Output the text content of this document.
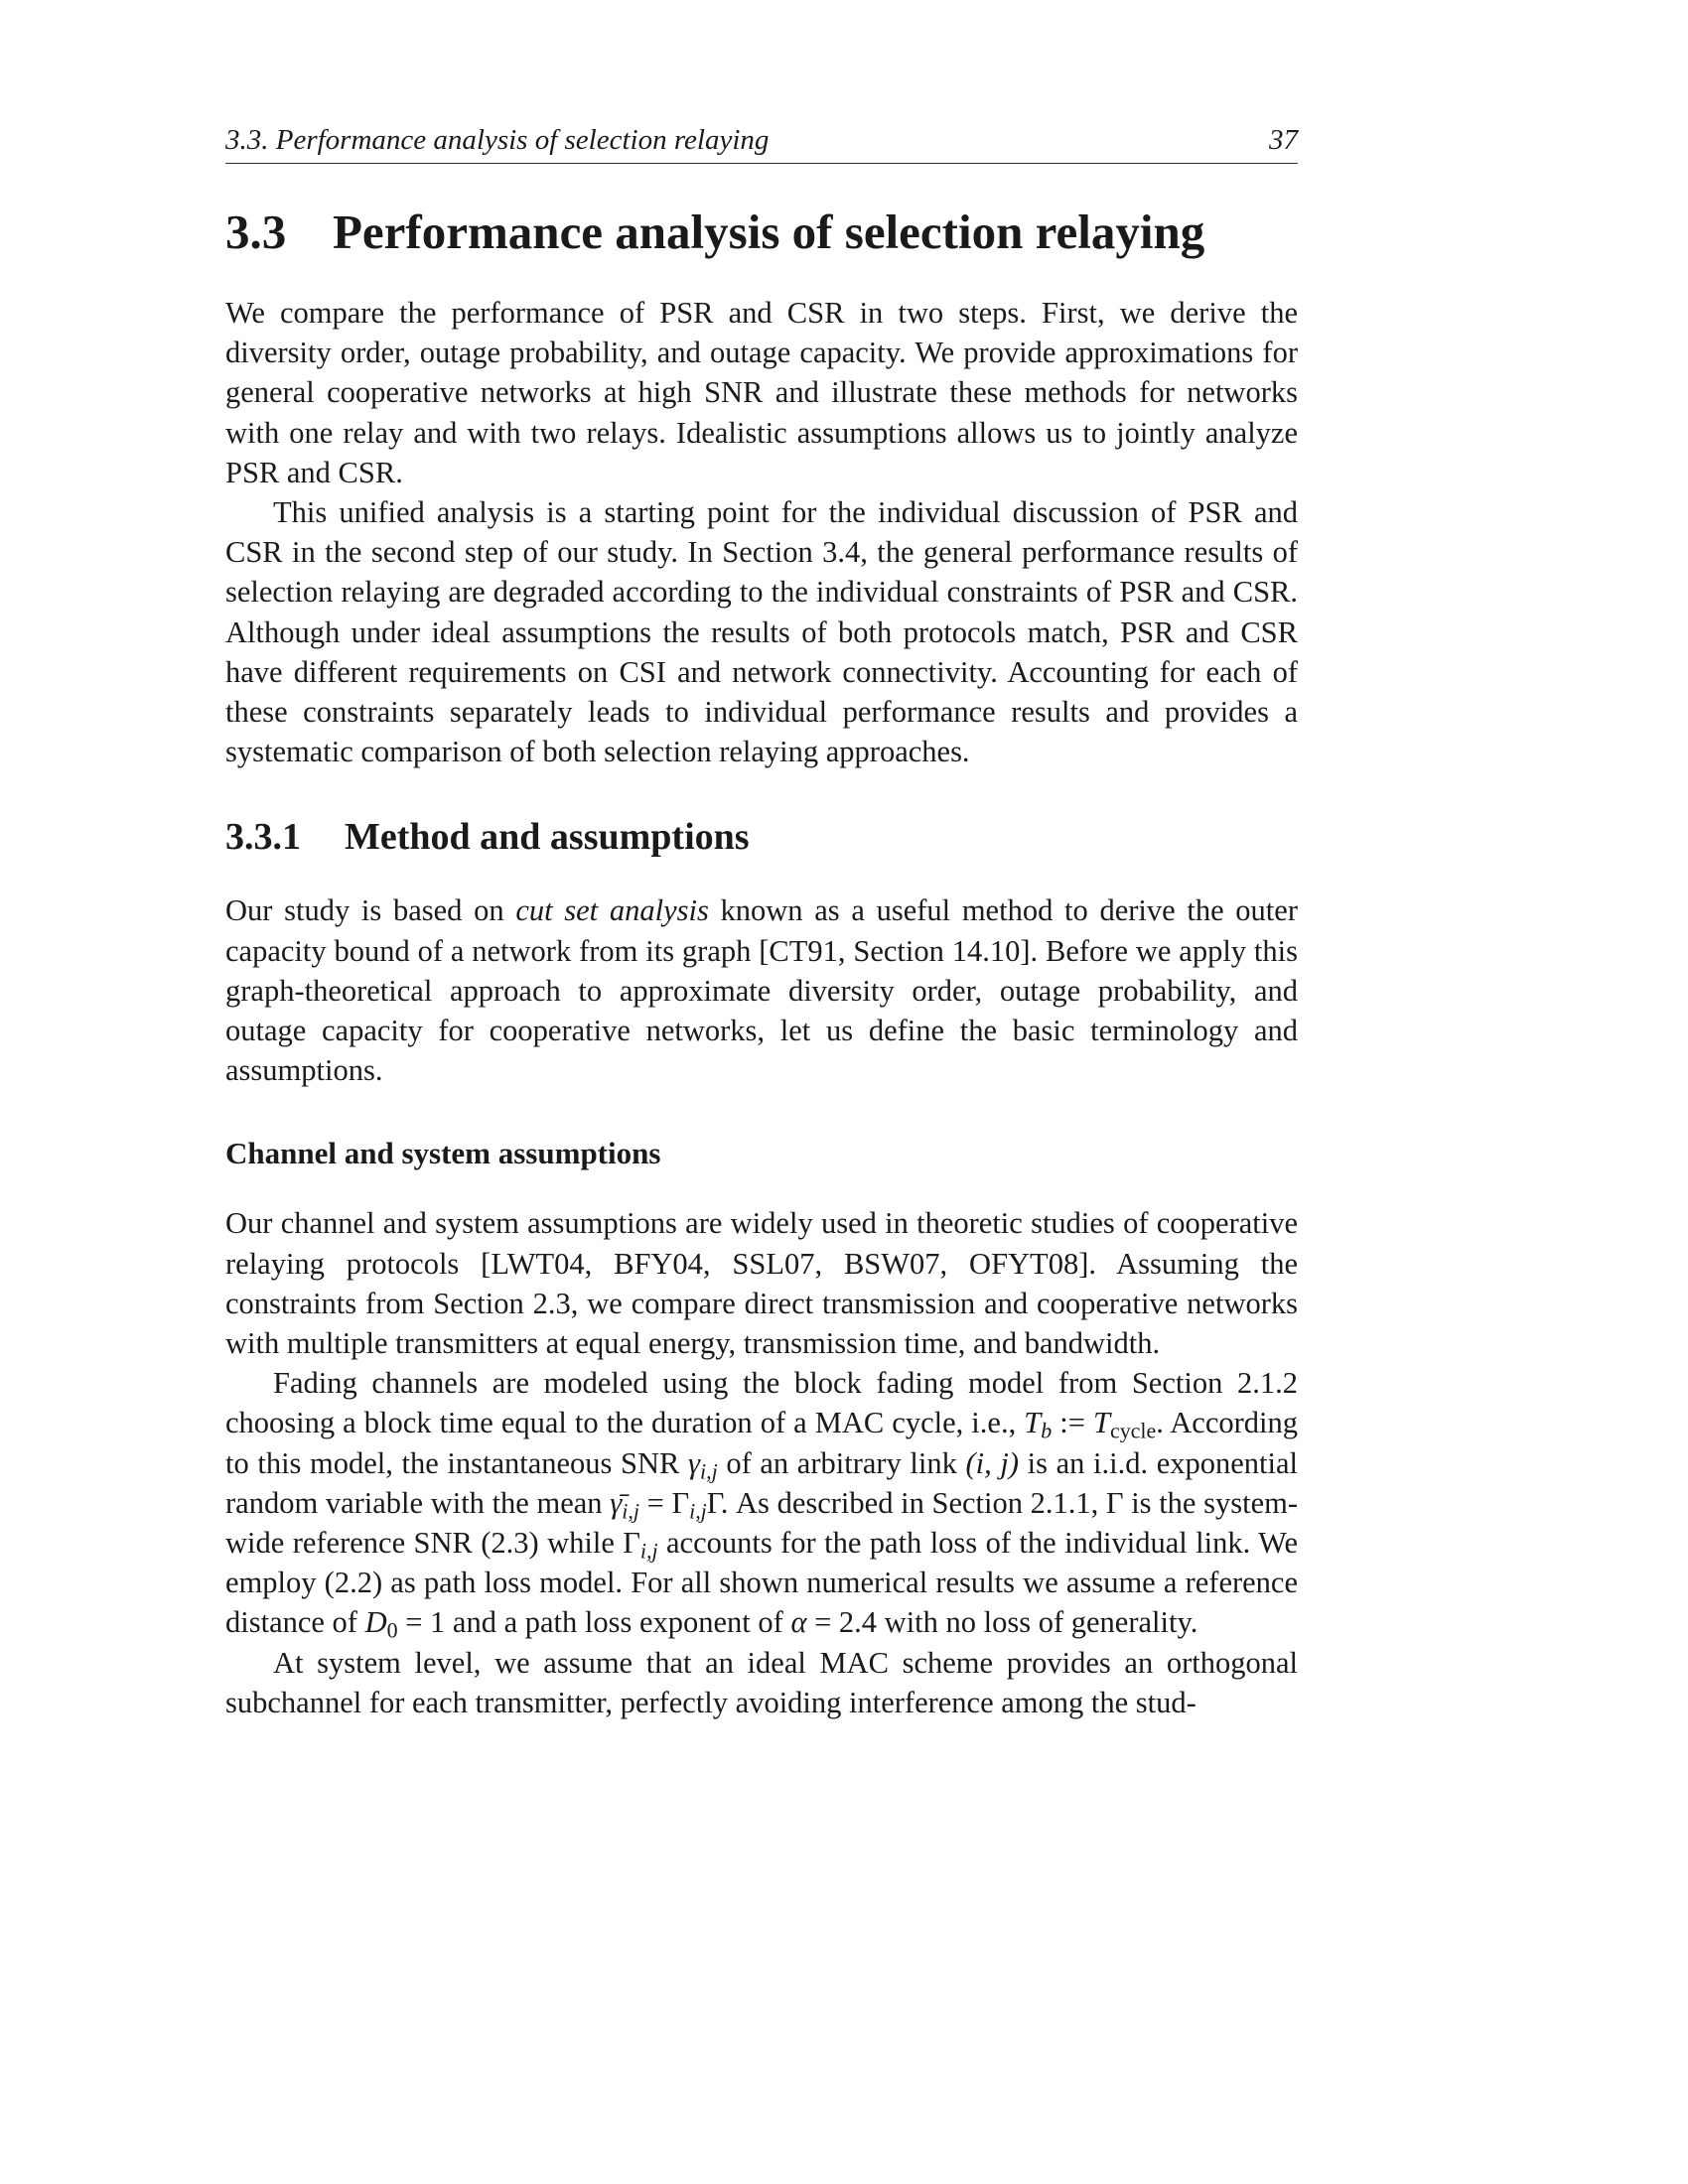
3.3. Performance analysis of selection relaying	37
3.3 Performance analysis of selection relaying

We compare the performance of PSR and CSR in two steps. First, we derive the diversity order, outage probability, and outage capacity. We provide approximations for general cooperative networks at high SNR and illustrate these methods for networks with one relay and with two relays. Idealistic assumptions allows us to jointly analyze PSR and CSR.

This unified analysis is a starting point for the individual discussion of PSR and CSR in the second step of our study. In Section 3.4, the general performance results of selection relaying are degraded according to the individual constraints of PSR and CSR. Although under ideal assumptions the results of both protocols match, PSR and CSR have different requirements on CSI and network connectivity. Accounting for each of these constraints separately leads to individual performance results and provides a systematic comparison of both selection relaying approaches.

3.3.1 Method and assumptions

Our study is based on cut set analysis known as a useful method to derive the outer capacity bound of a network from its graph [CT91, Section 14.10]. Before we apply this graph-theoretical approach to approximate diversity order, outage probability, and outage capacity for cooperative networks, let us define the basic terminology and assumptions.

Channel and system assumptions

Our channel and system assumptions are widely used in theoretic studies of cooperative relaying protocols [LWT04, BFY04, SSL07, BSW07, OFYT08]. Assuming the constraints from Section 2.3, we compare direct transmission and cooperative networks with multiple transmitters at equal energy, transmission time, and bandwidth.

Fading channels are modeled using the block fading model from Section 2.1.2 choosing a block time equal to the duration of a MAC cycle, i.e., $T_b$ := $T_{cycle}$. According to this model, the instantaneous SNR $\gamma_{i,j}$ of an arbitrary link (i, j) is an i.i.d. exponential random variable with the mean $\gammā_{i,j} = \Gamma_{i,j}\Gamma$. As described in Section 2.1.1, Γ is the system-wide reference SNR (2.3) while $\Gamma_{i,j}$ accounts for the path loss of the individual link. We employ (2.2) as path loss model. For all shown numerical results we assume a reference distance of $D_0 = 1$ and a path loss exponent of α = 2.4 with no loss of generality.

At system level, we assume that an ideal MAC scheme provides an orthogonal subchannel for each transmitter, perfectly avoiding interference among the stud-
